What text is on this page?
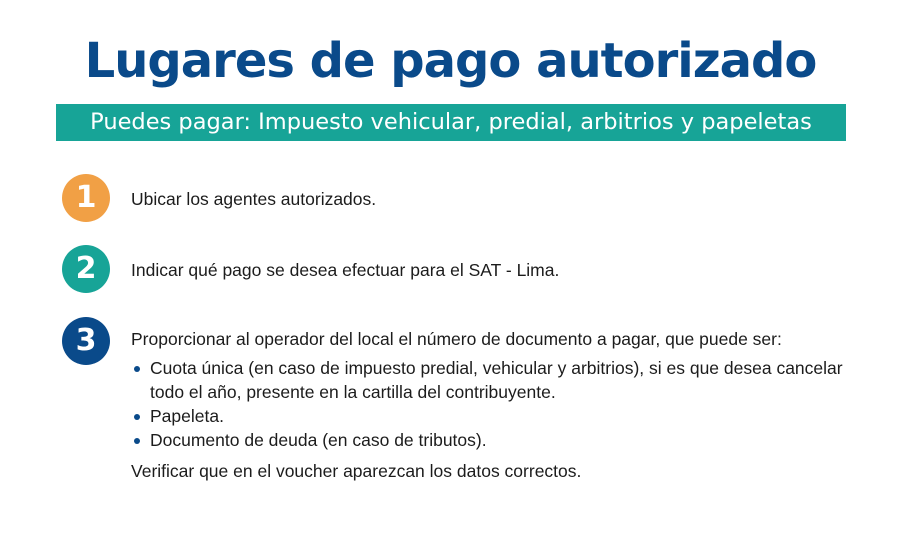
Lugares de pago autorizado
Puedes pagar: Impuesto vehicular, predial, arbitrios y papeletas
1	Ubicar los agentes autorizados.
2	Indicar qué pago se desea efectuar para el SAT - Lima.
3	Proporcionar al operador del local el número de documento a pagar, que puede ser:
Cuota única (en caso de impuesto predial, vehicular y arbitrios), si es que desea cancelar todo el año, presente en la cartilla del contribuyente.
Papeleta.
Documento de deuda (en caso de tributos).
Verificar que en el voucher aparezcan los datos correctos.
